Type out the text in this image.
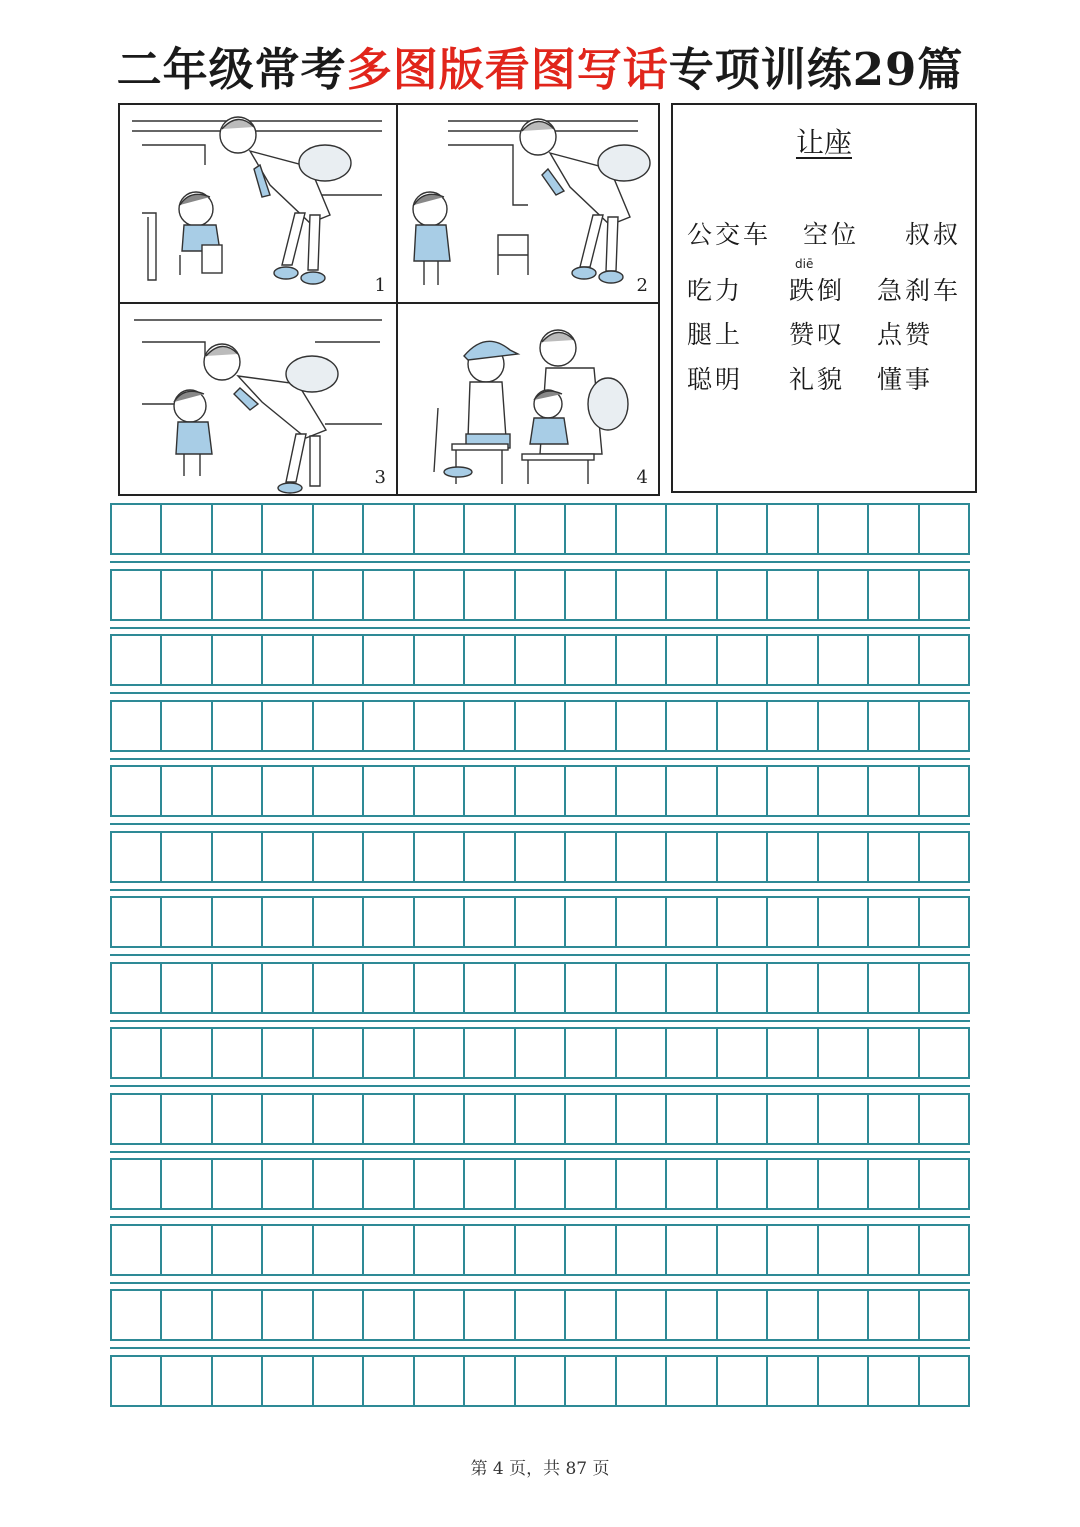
二年级常考多图版看图写话专项训练29篇
1	2
3	4
让座
公交车 空位 叔叔
diē
吃力 跌倒 急刹车
腿上 赞叹 点赞
聪明 礼貌 懂事
第 4 页，共 87 页
